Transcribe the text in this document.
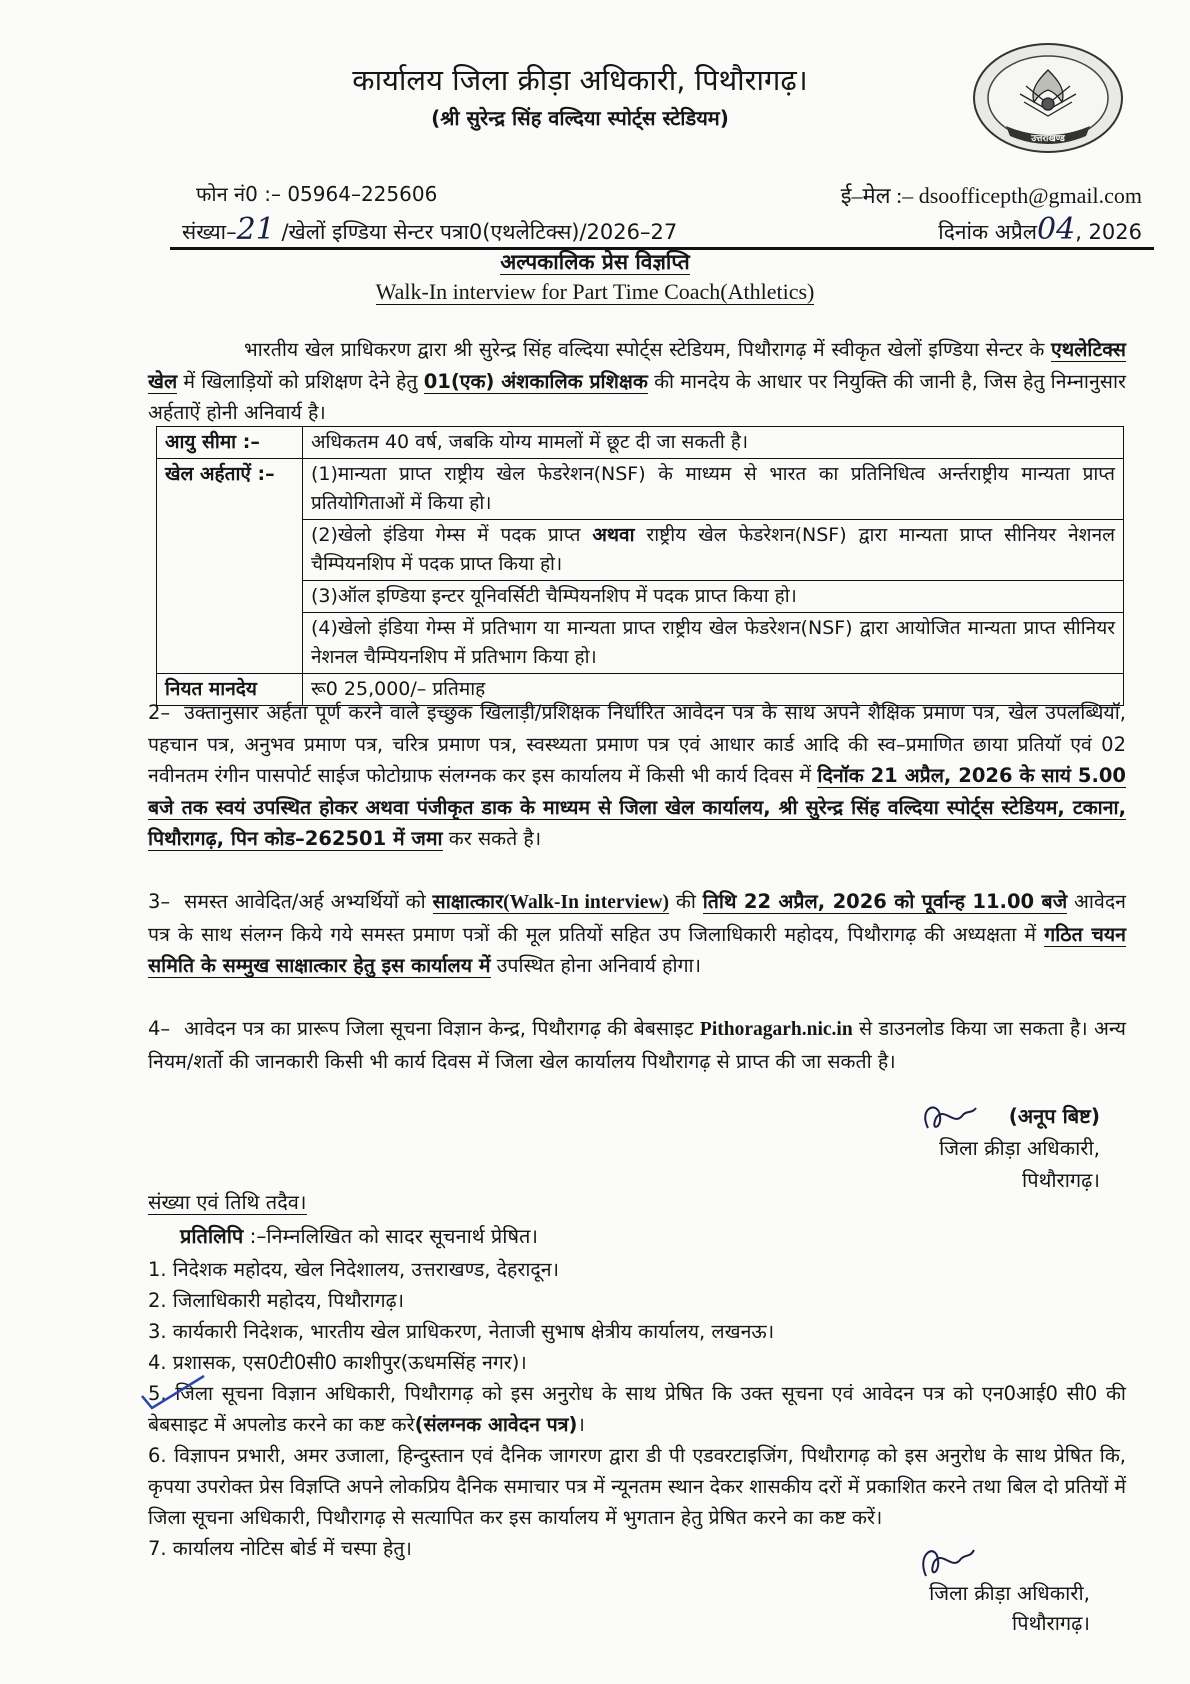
कार्यालय जिला क्रीड़ा अधिकारी, पिथौरागढ़।
(श्री सुरेन्द्र सिंह वल्दिया स्पोर्ट्स स्टेडियम)
उत्तराखण्ड
फोन नं0 :– 05964–225606	ई–मेल :– dsoofficepth@gmail.com
संख्या–21 /खेलों इण्डिया सेन्टर पत्रा0(एथलेटिक्स)/2026–27	दिनांक अप्रैल04, 2026
अल्पकालिक प्रेस विज्ञप्ति
Walk-In interview for Part Time Coach(Athletics)
भारतीय खेल प्राधिकरण द्वारा श्री सुरेन्द्र सिंह वल्दिया स्पोर्ट्स स्टेडियम, पिथौरागढ़ में स्वीकृत खेलों इण्डिया सेन्टर के एथलेटिक्स खेल में खिलाड़ियों को प्रशिक्षण देने हेतु 01(एक) अंशकालिक प्रशिक्षक की मानदेय के आधार पर नियुक्ति की जानी है, जिस हेतु निम्नानुसार अर्हताऐं होनी अनिवार्य है।
आयु सीमा :–	अधिकतम 40 वर्ष, जबकि योग्य मामलों में छूट दी जा सकती है।
खेल अर्हताऐं :–	(1)मान्यता प्राप्त राष्ट्रीय खेल फेडरेशन(NSF) के माध्यम से भारत का प्रतिनिधित्व अर्न्तराष्ट्रीय मान्यता प्राप्त प्रतियोगिताओं में किया हो।
	(2)खेलो इंडिया गेम्स में पदक प्राप्त अथवा राष्ट्रीय खेल फेडरेशन(NSF) द्वारा मान्यता प्राप्त सीनियर नेशनल चैम्पियनशिप में पदक प्राप्त किया हो।
	(3)ऑल इण्डिया इन्टर यूनिवर्सिटी चैम्पियनशिप में पदक प्राप्त किया हो।
	(4)खेलो इंडिया गेम्स में प्रतिभाग या मान्यता प्राप्त राष्ट्रीय खेल फेडरेशन(NSF) द्वारा आयोजित मान्यता प्राप्त सीनियर नेशनल चैम्पियनशिप में प्रतिभाग किया हो।
नियत मानदेय	रू0 25,000/– प्रतिमाह
2– उक्तानुसार अर्हता पूर्ण करने वाले इच्छुक खिलाड़ी/प्रशिक्षक निर्धारित आवेदन पत्र के साथ अपने शैक्षिक प्रमाण पत्र, खेल उपलब्धियॉ, पहचान पत्र, अनुभव प्रमाण पत्र, चरित्र प्रमाण पत्र, स्वस्थ्यता प्रमाण पत्र एवं आधार कार्ड आदि की स्व–प्रमाणित छाया प्रतियॉ एवं 02 नवीनतम रंगीन पासपोर्ट साईज फोटोग्राफ संलग्नक कर इस कार्यालय में किसी भी कार्य दिवस में दिनॉक 21 अप्रैल, 2026 के सायं 5.00 बजे तक स्वयं उपस्थित होकर अथवा पंजीकृत डाक के माध्यम से जिला खेल कार्यालय, श्री सुरेन्द्र सिंह वल्दिया स्पोर्ट्स स्टेडियम, टकाना, पिथौरागढ़, पिन कोड–262501 में जमा कर सकते है।
3– समस्त आवेदित/अर्ह अभ्यर्थियों को साक्षात्कार(Walk-In interview) की तिथि 22 अप्रैल, 2026 को पूर्वान्ह 11.00 बजे आवेदन पत्र के साथ संलग्न किये गये समस्त प्रमाण पत्रों की मूल प्रतियों सहित उप जिलाधिकारी महोदय, पिथौरागढ़ की अध्यक्षता में गठित चयन समिति के सम्मुख साक्षात्कार हेतु इस कार्यालय में उपस्थित होना अनिवार्य होगा।
4– आवेदन पत्र का प्रारूप जिला सूचना विज्ञान केन्द्र, पिथौरागढ़ की बेबसाइट Pithoragarh.nic.in से डाउनलोड किया जा सकता है। अन्य नियम/शर्तो की जानकारी किसी भी कार्य दिवस में जिला खेल कार्यालय पिथौरागढ़ से प्राप्त की जा सकती है।
(अनूप बिष्ट)
जिला क्रीड़ा अधिकारी,
पिथौरागढ़।
संख्या एवं तिथि तदैव।
प्रतिलिपि :–निम्नलिखित को सादर सूचनार्थ प्रेषित।
1. निदेशक महोदय, खेल निदेशालय, उत्तराखण्ड, देहरादून।
2. जिलाधिकारी महोदय, पिथौरागढ़।
3. कार्यकारी निदेशक, भारतीय खेल प्राधिकरण, नेताजी सुभाष क्षेत्रीय कार्यालय, लखनऊ।
4. प्रशासक, एस0टी0सी0 काशीपुर(ऊधमसिंह नगर)।
5. जिला सूचना विज्ञान अधिकारी, पिथौरागढ़ को इस अनुरोध के साथ प्रेषित कि उक्त सूचना एवं आवेदन पत्र को एन0आई0 सी0 की बेबसाइट में अपलोड करने का कष्ट करे(संलग्नक आवेदन पत्र)।
6. विज्ञापन प्रभारी, अमर उजाला, हिन्दुस्तान एवं दैनिक जागरण द्वारा डी पी एडवरटाइजिंग, पिथौरागढ़ को इस अनुरोध के साथ प्रेषित कि, कृपया उपरोक्त प्रेस विज्ञप्ति अपने लोकप्रिय दैनिक समाचार पत्र में न्यूनतम स्थान देकर शासकीय दरों में प्रकाशित करने तथा बिल दो प्रतियों में जिला सूचना अधिकारी, पिथौरागढ़ से सत्यापित कर इस कार्यालय में भुगतान हेतु प्रेषित करने का कष्ट करें।
7. कार्यालय नोटिस बोर्ड में चस्पा हेतु।
जिला क्रीड़ा अधिकारी,
पिथौरागढ़।
